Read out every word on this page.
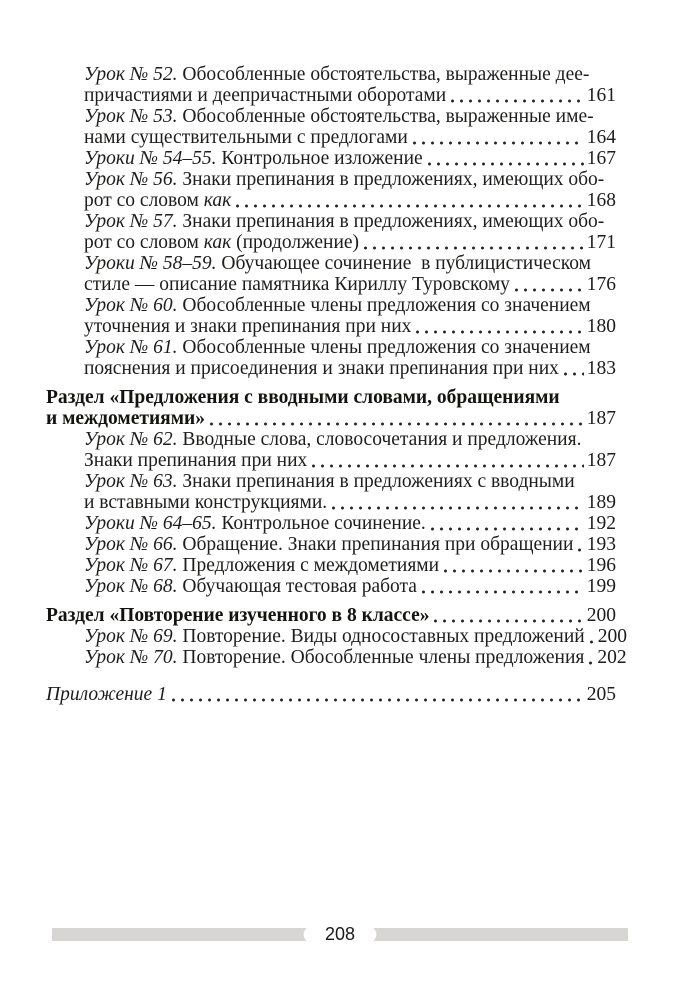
Урок № 52. Обособленные обстоятельства, выраженные дее-
причастиями и деепричастными оборотами	161
Урок № 53. Обособленные обстоятельства, выраженные име-
нами существительными с предлогами	164
Уроки № 54–55. Контрольное изложение	167
Урок № 56. Знаки препинания в предложениях, имеющих обо-
рот со словом как	168
Урок № 57. Знаки препинания в предложениях, имеющих обо-
рот со словом как (продолжение)	171
Уроки № 58–59. Обучающее сочинение  в публицистическом
стиле — описание памятника Кириллу Туровскому	176
Урок № 60. Обособленные члены предложения со значением
уточнения и знаки препинания при них	180
Урок № 61. Обособленные члены предложения со значением
пояснения и присоединения и знаки препинания при них 183
Раздел «Предложения с вводными словами, обращениями
и междометиями»	187
Урок № 62. Вводные слова, словосочетания и предложения.
Знаки препинания при них	187
Урок № 63. Знаки препинания в предложениях с вводными
и вставными конструкциями.	189
Уроки № 64–65. Контрольное сочинение.	192
Урок № 66. Обращение. Знаки препинания при обращении 193
Урок № 67. Предложения с междометиями	196
Урок № 68. Обучающая тестовая работа	199
Раздел «Повторение изученного в 8 классе»	200
Урок № 69. Повторение. Виды односоставных предложений 200
Урок № 70. Повторение. Обособленные члены предложения 202
Приложение 1	205
208
